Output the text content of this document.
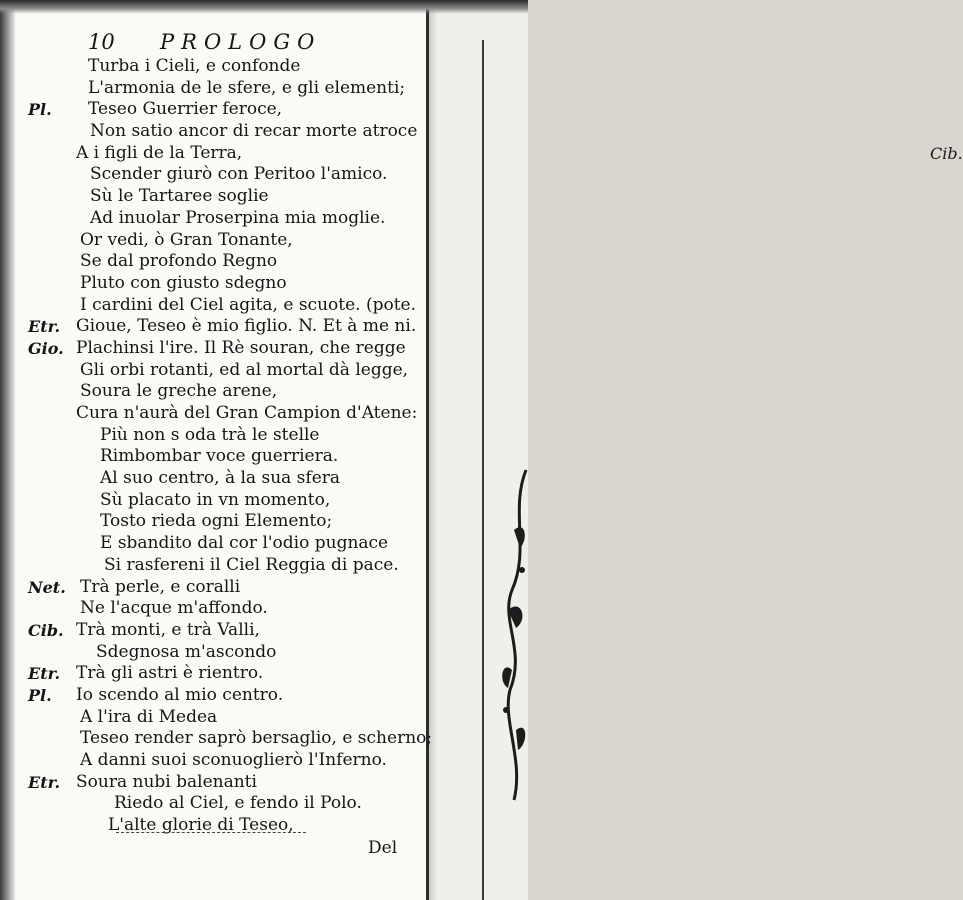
Cib.
10 PROLOGO
Turba i Cieli, e confonde
L'armonia de le sfere, e gli elementi;
Pl. Teseo Guerrier feroce,
Non satio ancor di recar morte atroce
A i figli de la Terra,
Scender giurò con Peritoo l'amico.
Sù le Tartaree soglie
Ad inuolar Proserpina mia moglie.
Or vedi, ò Gran Tonante,
Se dal profondo Regno
Pluto con giusto sdegno
I cardini del Ciel agita, e scuote. (pote.
Etr. Gioue, Teseo è mio figlio. N. Et à me ni.
Gio. Plachinsi l'ire. Il Rè souran, che regge
Gli orbi rotanti, ed al mortal dà legge,
Soura le greche arene,
Cura n'aurà del Gran Campion d'Atene:
Più non s oda trà le stelle
Rimbombar voce guerriera.
Al suo centro, à la sua sfera
Sù placato in vn momento,
Tosto rieda ogni Elemento;
E sbandito dal cor l'odio pugnace
Si rasfereni il Ciel Reggia di pace.
Net. Trà perle, e coralli
Ne l'acque m'affondo.
Cib. Trà monti, e trà Valli,
Sdegnosa m'ascondo
Etr. Trà gli astri è rientro.
Pl. Io scendo al mio centro.
A l'ira di Medea
Teseo render saprò bersaglio, e scherno;
A danni suoi sconuoglierò l'Inferno.
Etr. Soura nubi balenanti
Riedo al Ciel, e fendo il Polo.
L'alte glorie di Teseo,
Del
